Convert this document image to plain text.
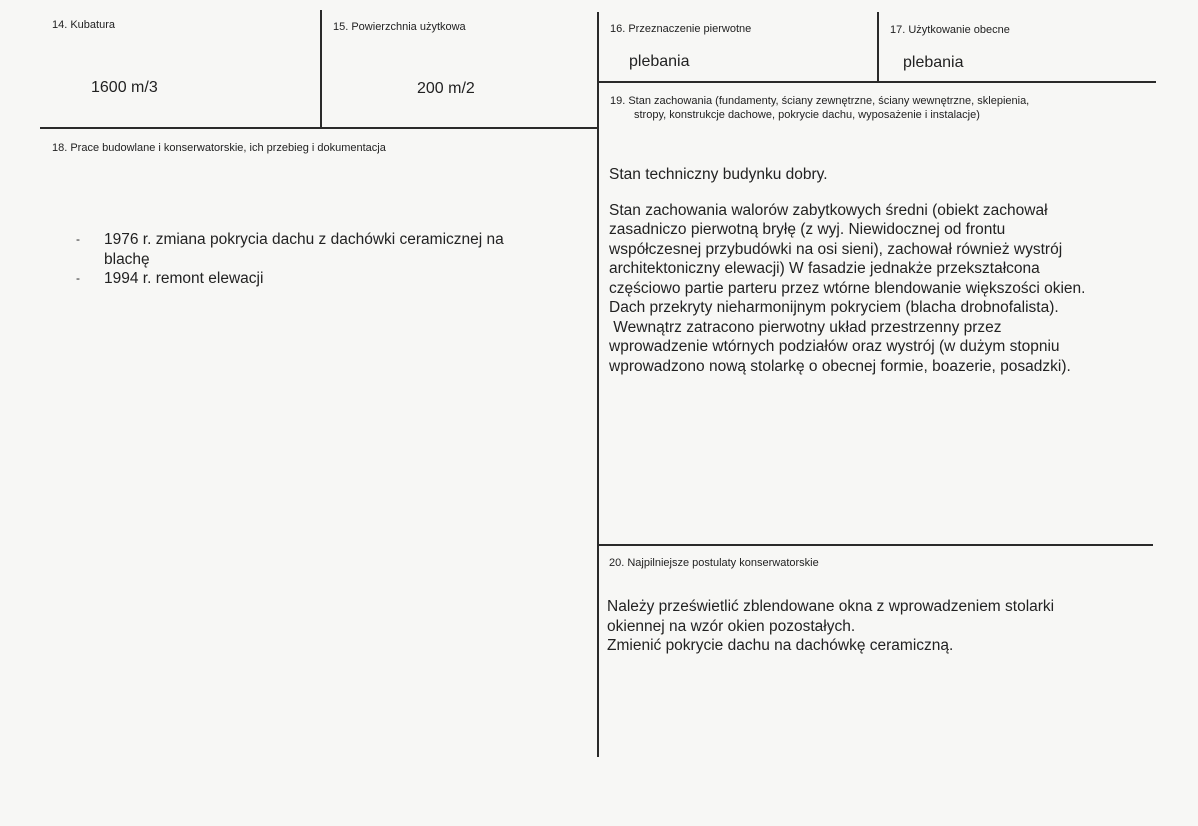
14. Kubatura
1600 m/3
15. Powierzchnia użytkowa
200 m/2
16. Przeznaczenie pierwotne
plebania
17. Użytkowanie obecne
plebania
18. Prace budowlane i konserwatorskie, ich przebieg i dokumentacja
-	1976 r. zmiana pokrycia dachu z dachówki ceramicznej na
blachę
-	1994 r. remont elewacji
19. Stan zachowania (fundamenty, ściany zewnętrzne, ściany wewnętrzne, sklepienia,
stropy, konstrukcje dachowe, pokrycie dachu, wyposażenie i instalacje)
Stan techniczny budynku dobry.
Stan zachowania walorów zabytkowych średni (obiekt zachował
zasadniczo pierwotną bryłę (z wyj. Niewidocznej od frontu
współczesnej przybudówki na osi sieni), zachował również wystrój
architektoniczny elewacji) W fasadzie jednakże przekształcona
częściowo partie parteru przez wtórne blendowanie większości okien.
Dach przekryty nieharmonijnym pokryciem (blacha drobnofalista).
Wewnątrz zatracono pierwotny układ przestrzenny przez
wprowadzenie wtórnych podziałów oraz wystrój (w dużym stopniu
wprowadzono nową stolarkę o obecnej formie, boazerie, posadzki).
20. Najpilniejsze postulaty konserwatorskie
Należy prześwietlić zblendowane okna z wprowadzeniem stolarki
okiennej na wzór okien pozostałych.
Zmienić pokrycie dachu na dachówkę ceramiczną.
